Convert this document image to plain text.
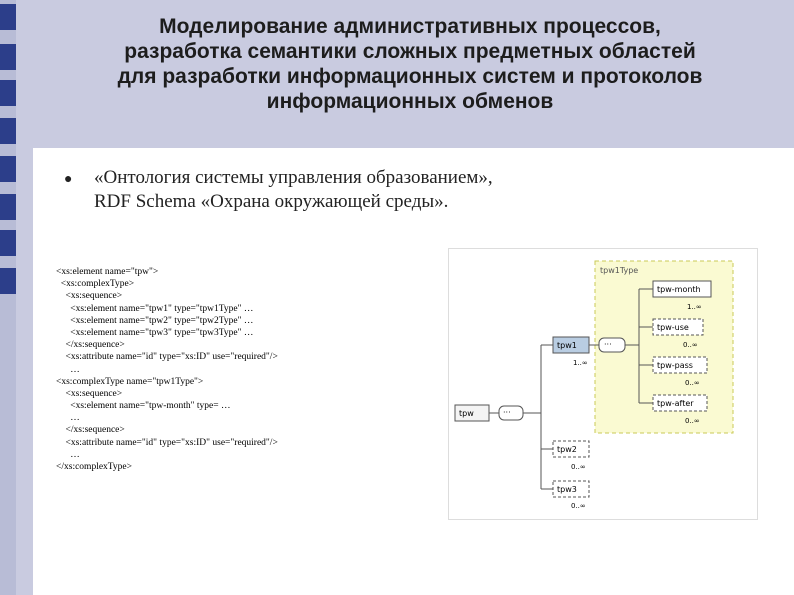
Моделирование административных процессов,
разработка семантики сложных предметных областей
для разработки информационных систем и протоколов
информационных обменов
● «Онтология системы управления образованием»,
RDF Schema «Охрана окружающей среды».
<xs:element name="tpw">
<xs:complexType>
<xs:sequence>
<xs:element name="tpw1" type="tpw1Type" …
<xs:element name="tpw2" type="tpw2Type" …
<xs:element name="tpw3" type="tpw3Type" …
</xs:sequence>
<xs:attribute name="id" type="xs:ID" use="required"/>
…
<xs:complexType name="tpw1Type">
<xs:sequence>
<xs:element name="tpw-month" type= …
…
</xs:sequence>
<xs:attribute name="id" type="xs:ID" use="required"/>
…
</xs:complexType>
tpw1Type
tpw	···
tpw1
1..∞
···
tpw2
0..∞
tpw3
0..∞
tpw-month
1..∞
tpw-use
0..∞
tpw-pass
0..∞
tpw-after
0..∞
